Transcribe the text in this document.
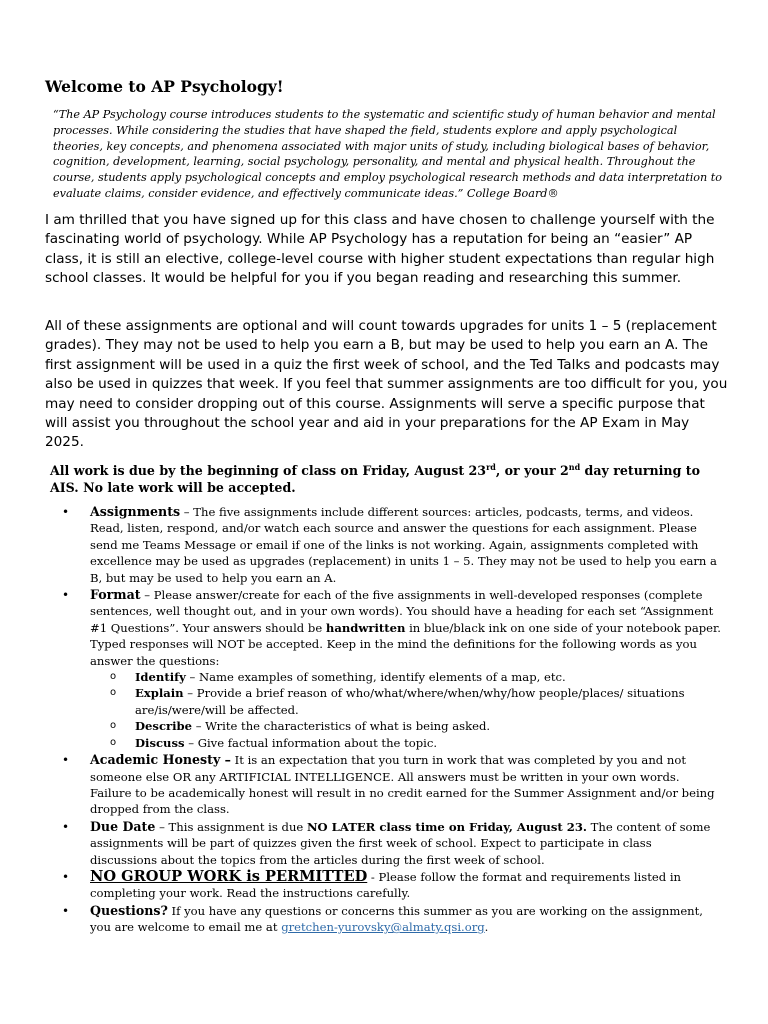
Welcome to AP Psychology!

“The AP Psychology course introduces students to the systematic and scientific study of human behavior and mental processes. While considering the studies that have shaped the field, students explore and apply psychological theories, key concepts, and phenomena associated with major units of study, including biological bases of behavior, cognition, development, learning, social psychology, personality, and mental and physical health. Throughout the course, students apply psychological concepts and employ psychological research methods and data interpretation to evaluate claims, consider evidence, and effectively communicate ideas.” College Board®

I am thrilled that you have signed up for this class and have chosen to challenge yourself with the fascinating world of psychology. While AP Psychology has a reputation for being an “easier” AP class, it is still an elective, college-level course with higher student expectations than regular high school classes. It would be helpful for you if you began reading and researching this summer.

All of these assignments are optional and will count towards upgrades for units 1 – 5 (replacement grades). They may not be used to help you earn a B, but may be used to help you earn an A. The first assignment will be used in a quiz the first week of school, and the Ted Talks and podcasts may also be used in quizzes that week. If you feel that summer assignments are too difficult for you, you may need to consider dropping out of this course. Assignments will serve a specific purpose that will assist you throughout the school year and aid in your preparations for the AP Exam in May 2025.

All work is due by the beginning of class on Friday, August 23rd, or your 2nd day returning to AIS. No late work will be accepted.

• Assignments – The five assignments include different sources: articles, podcasts, terms, and videos. Read, listen, respond, and/or watch each source and answer the questions for each assignment. Please send me Teams Message or email if one of the links is not working. Again, assignments completed with excellence may be used as upgrades (replacement) in units 1 – 5. They may not be used to help you earn a B, but may be used to help you earn an A.
• Format – Please answer/create for each of the five assignments in well-developed responses (complete sentences, well thought out, and in your own words). You should have a heading for each set “Assignment #1 Questions”. Your answers should be handwritten in blue/black ink on one side of your notebook paper. Typed responses will NOT be accepted. Keep in the mind the definitions for the following words as you answer the questions:
o Identify – Name examples of something, identify elements of a map, etc.
o Explain – Provide a brief reason of who/what/where/when/why/how people/places/ situations are/is/were/will be affected.
o Describe – Write the characteristics of what is being asked.
o Discuss – Give factual information about the topic.
• Academic Honesty – It is an expectation that you turn in work that was completed by you and not someone else OR any ARTIFICIAL INTELLIGENCE. All answers must be written in your own words. Failure to be academically honest will result in no credit earned for the Summer Assignment and/or being dropped from the class.
• Due Date – This assignment is due NO LATER class time on Friday, August 23. The content of some assignments will be part of quizzes given the first week of school. Expect to participate in class discussions about the topics from the articles during the first week of school.
• NO GROUP WORK is PERMITTED - Please follow the format and requirements listed in completing your work. Read the instructions carefully.
• Questions? If you have any questions or concerns this summer as you are working on the assignment, you are welcome to email me at gretchen-yurovsky@almaty.qsi.org.
